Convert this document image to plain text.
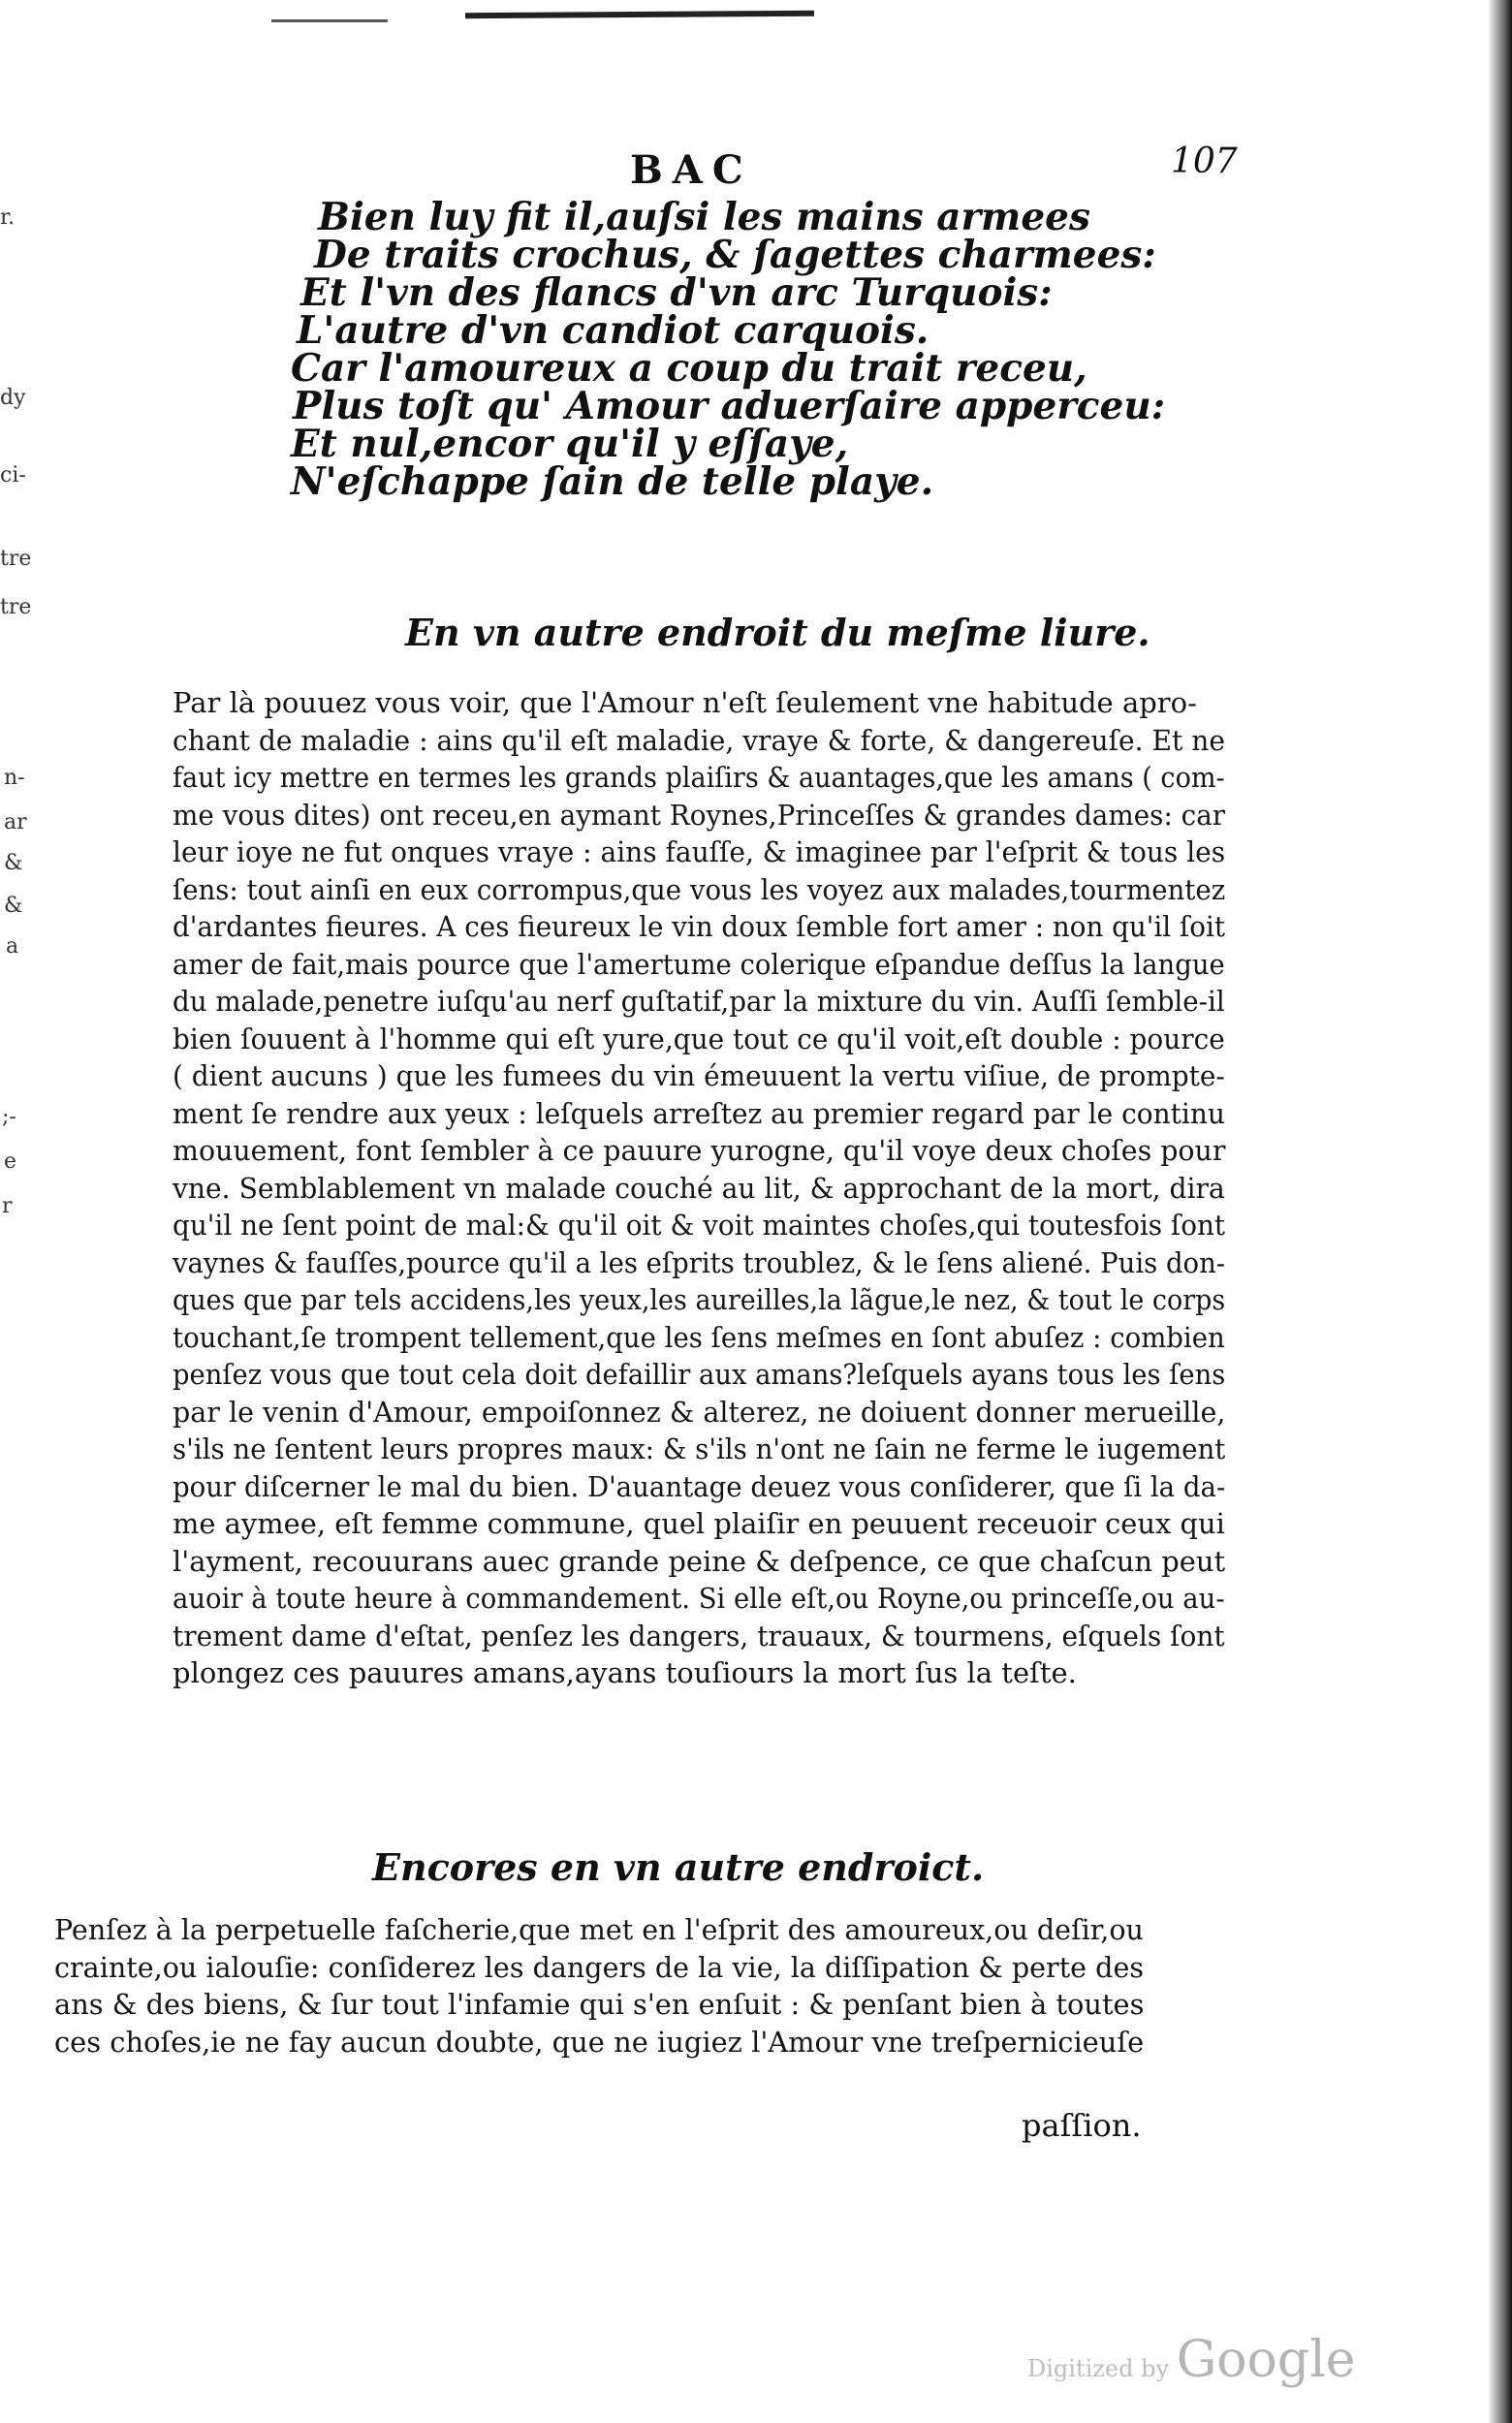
BAC	107
r.
dy
ci-
tre
tre
n-
ar
&
&
a
;-
e
r
Bien luy fit il,auſsi les mains armees
De traits crochus, & ſagettes charmees:
Et l'vn des flancs d'vn arc Turquois:
L'autre d'vn candiot carquois.
Car l'amoureux a coup du trait receu,
Plus toſt qu' Amour aduerſaire apperceu:
Et nul,encor qu'il y eſſaye,
N'eſchappe ſain de telle playe.
En vn autre endroit du meſme liure.
Par là pouuez vous voir, que l'Amour n'eſt ſeulement vne habitude apro-
chant de maladie : ains qu'il eſt maladie, vraye & forte, & dangereuſe. Et ne
faut icy mettre en termes les grands plaiſirs & auantages,que les amans ( com-
me vous dites) ont receu,en aymant Roynes,Princeſſes & grandes dames: car
leur ioye ne fut onques vraye : ains fauſſe, & imaginee par l'eſprit & tous les
ſens: tout ainſi en eux corrompus,que vous les voyez aux malades,tourmentez
d'ardantes fieures. A ces fieureux le vin doux ſemble fort amer : non qu'il ſoit
amer de fait,mais pource que l'amertume colerique eſpandue deſſus la langue
du malade,penetre iuſqu'au nerf guſtatif,par la mixture du vin. Auſſi ſemble-il
bien ſouuent à l'homme qui eſt yure,que tout ce qu'il voit,eſt double : pource
( dient aucuns ) que les fumees du vin émeuuent la vertu viſiue, de prompte-
ment ſe rendre aux yeux : leſquels arreſtez au premier regard par le continu
mouuement, font ſembler à ce pauure yurogne, qu'il voye deux choſes pour
vne. Semblablement vn malade couché au lit, & approchant de la mort, dira
qu'il ne ſent point de mal:& qu'il oit & voit maintes choſes,qui toutesfois ſont
vaynes & fauſſes,pource qu'il a les eſprits troublez, & le ſens aliené. Puis don-
ques que par tels accidens,les yeux,les aureilles,la lãgue,le nez, & tout le corps
touchant,ſe trompent tellement,que les ſens meſmes en ſont abuſez : combien
penſez vous que tout cela doit defaillir aux amans?leſquels ayans tous les ſens
par le venin d'Amour, empoiſonnez & alterez, ne doiuent donner merueille,
s'ils ne ſentent leurs propres maux: & s'ils n'ont ne ſain ne ferme le iugement
pour diſcerner le mal du bien. D'auantage deuez vous conſiderer, que ſi la da-
me aymee, eſt femme commune, quel plaiſir en peuuent receuoir ceux qui
l'ayment, recouurans auec grande peine & deſpence, ce que chaſcun peut
auoir à toute heure à commandement. Si elle eſt,ou Royne,ou princeſſe,ou au-
trement dame d'eſtat, penſez les dangers, trauaux, & tourmens, eſquels ſont
plongez ces pauures amans,ayans touſiours la mort ſus la teſte.
Encores en vn autre endroict.
Penſez à la perpetuelle faſcherie,que met en l'eſprit des amoureux,ou deſir,ou
crainte,ou ialouſie: conſiderez les dangers de la vie, la diſſipation & perte des
ans & des biens, & ſur tout l'infamie qui s'en enſuit : & penſant bien à toutes
ces choſes,ie ne fay aucun doubte, que ne iugiez l'Amour vne treſpernicieuſe
paſſion.
Digitized by Google
